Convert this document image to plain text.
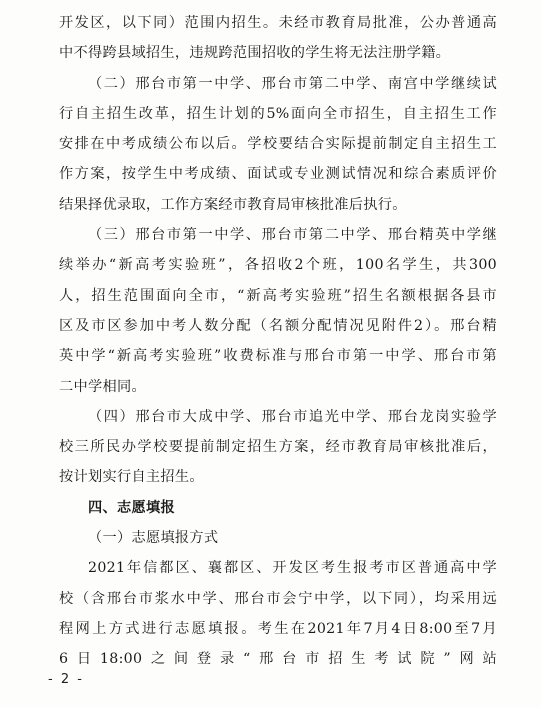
开发区，以下同）范围内招生。未经市教育局批准，公办普通高
中不得跨县域招生，违规跨范围招收的学生将无法注册学籍。
（二）邢台市第一中学、邢台市第二中学、南宫中学继续试
行自主招生改革，招生计划的5%面向全市招生，自主招生工作
安排在中考成绩公布以后。学校要结合实际提前制定自主招生工
作方案，按学生中考成绩、面试或专业测试情况和综合素质评价
结果择优录取，工作方案经市教育局审核批准后执行。
（三）邢台市第一中学、邢台市第二中学、邢台精英中学继
续举办“新高考实验班”，各招收2个班，100名学生，共300
人，招生范围面向全市，“新高考实验班”招生名额根据各县市
区及市区参加中考人数分配（名额分配情况见附件2）。邢台精
英中学“新高考实验班”收费标准与邢台市第一中学、邢台市第
二中学相同。
（四）邢台市大成中学、邢台市追光中学、邢台龙岗实验学
校三所民办学校要提前制定招生方案，经市教育局审核批准后，
按计划实行自主招生。
四、志愿填报
（一）志愿填报方式
2021年信都区、襄都区、开发区考生报考市区普通高中学
校（含邢台市浆水中学、邢台市会宁中学，以下同），均采用远
程网上方式进行志愿填报。考生在2021年7月4日8:00至7月
6日18:00之间登录“邢台市招生考试院”网站
- 2 -
